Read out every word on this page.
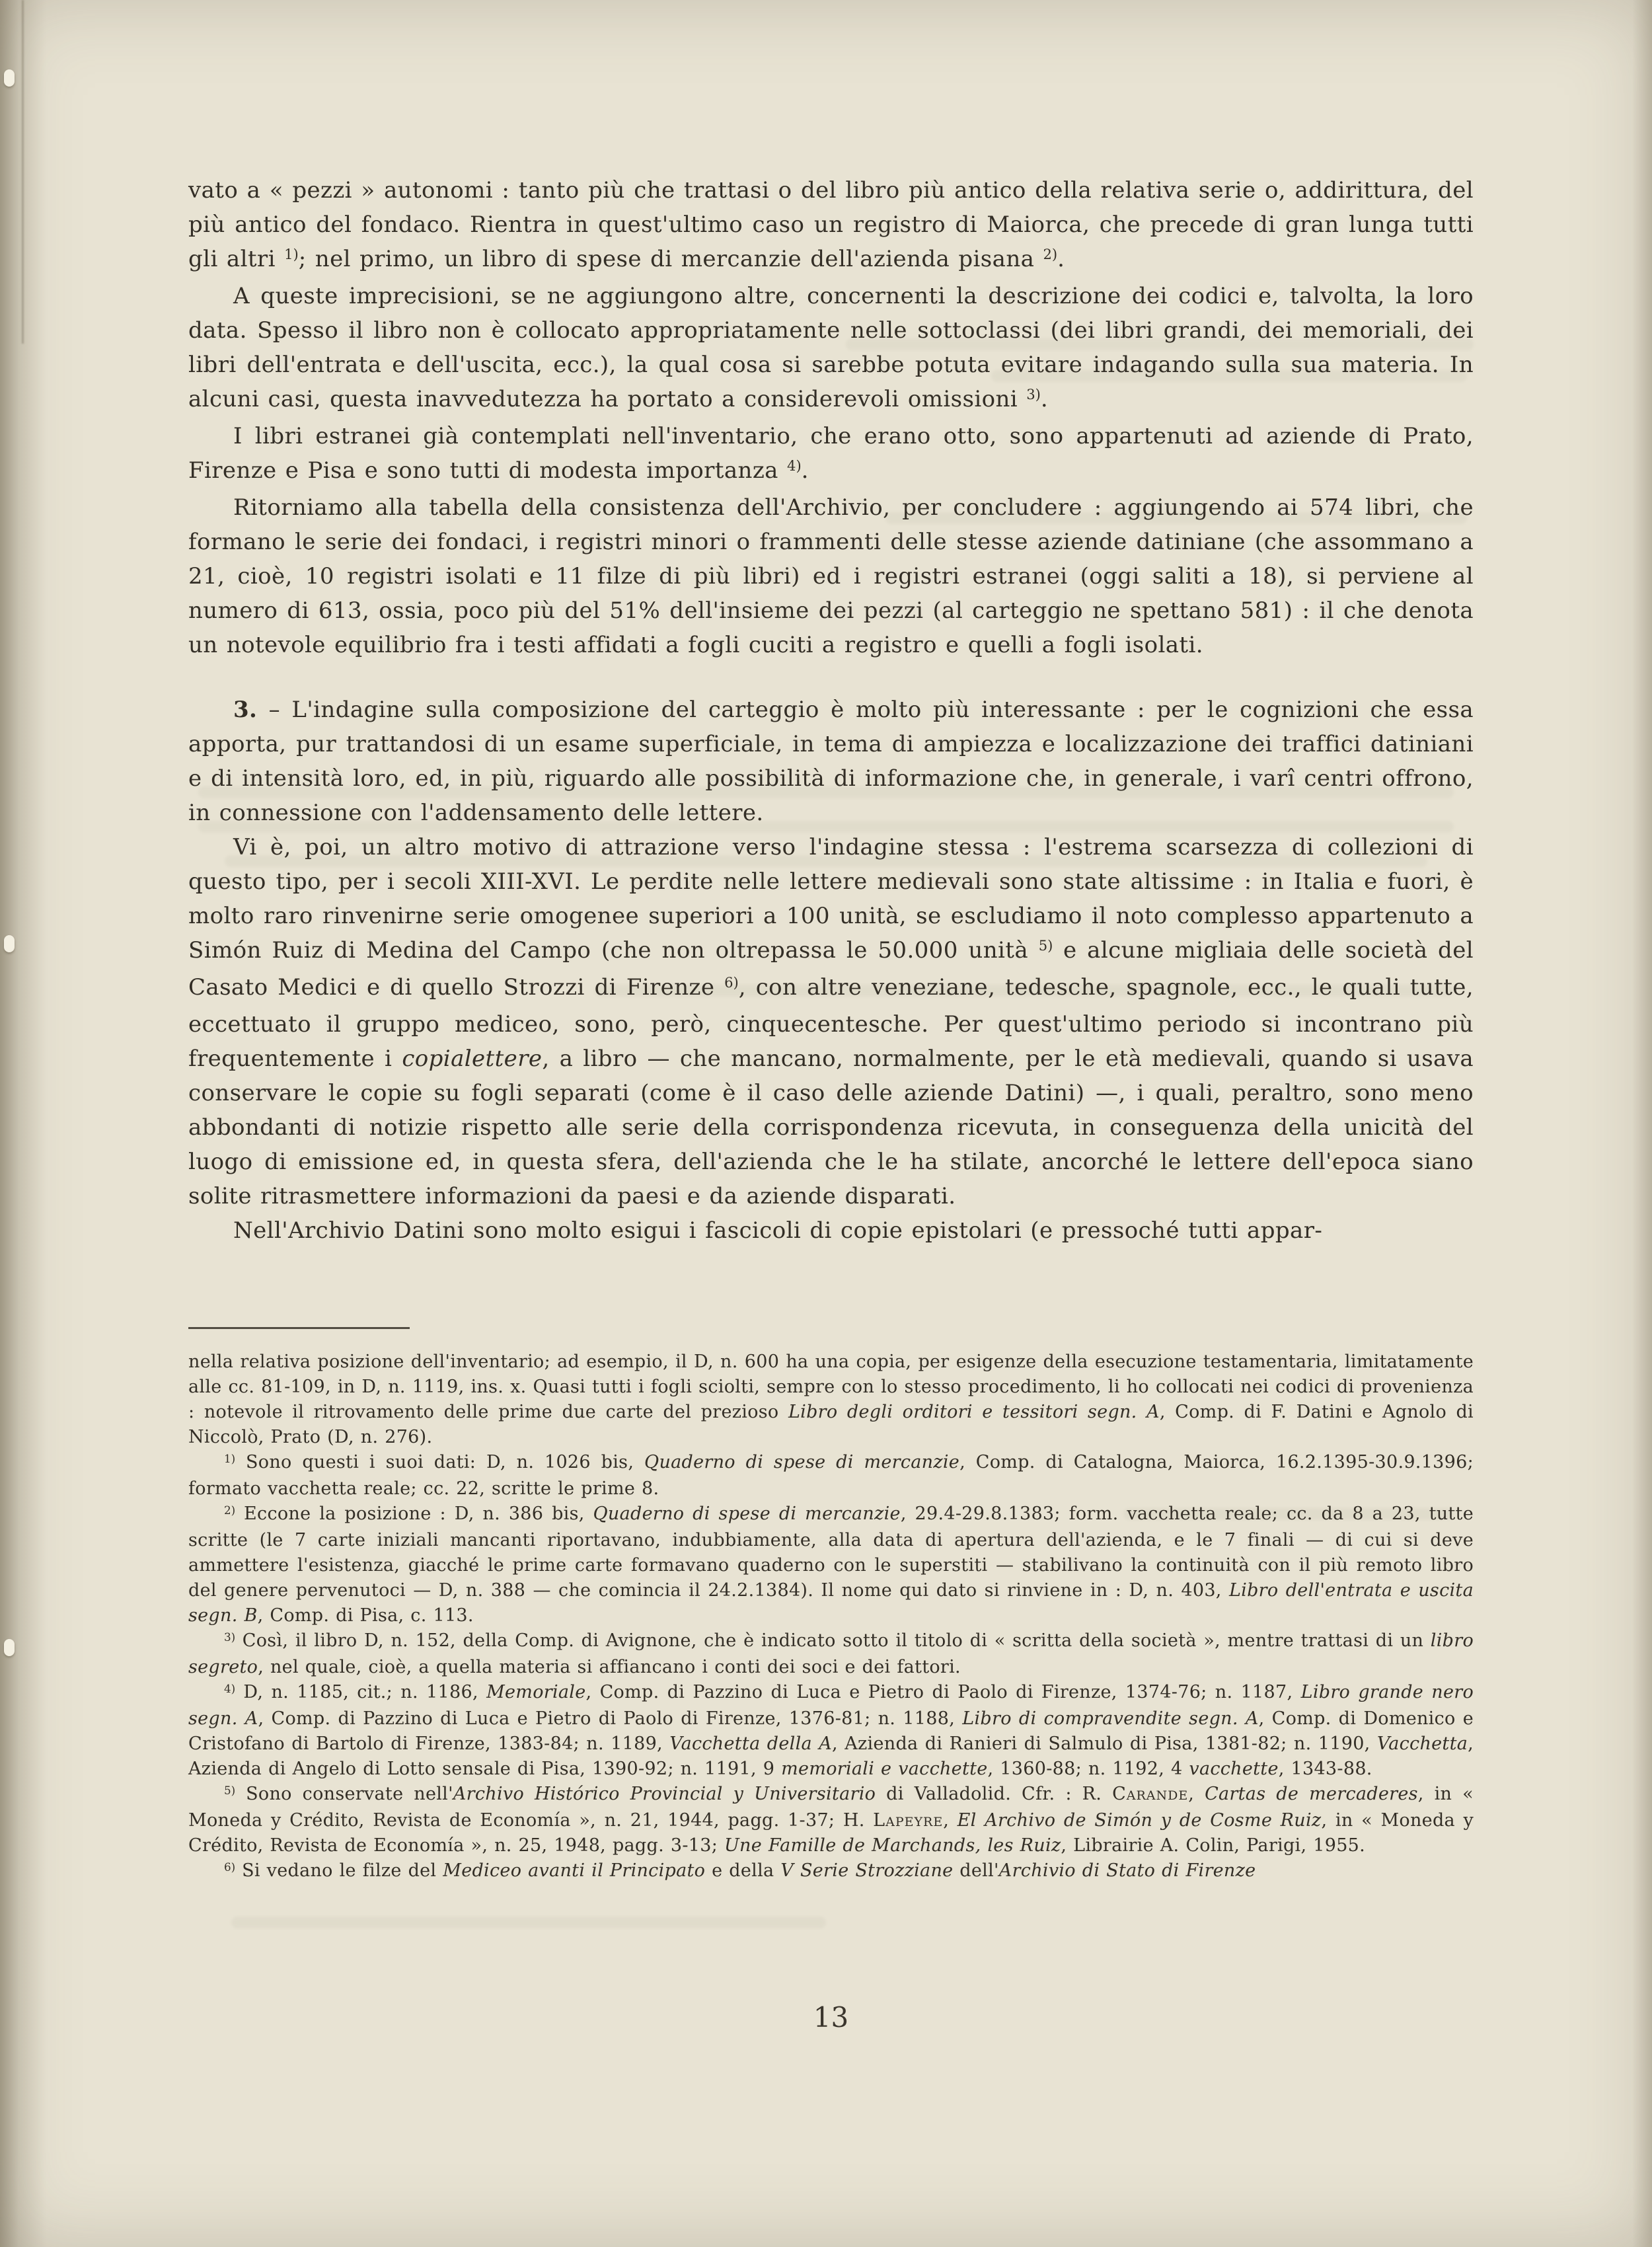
vato a « pezzi » autonomi : tanto più che trattasi o del libro più antico della relativa serie o, addirittura, del più antico del fondaco. Rientra in quest'ultimo caso un registro di Maiorca, che precede di gran lunga tutti gli altri $^{1)}$; nel primo, un libro di spese di mercanzie dell'azienda pisana $^{2)}$.

A queste imprecisioni, se ne aggiungono altre, concernenti la descrizione dei codici e, talvolta, la loro data. Spesso il libro non è collocato appropriatamente nelle sottoclassi (dei libri grandi, dei memoriali, dei libri dell'entrata e dell'uscita, ecc.), la qual cosa si sarebbe potuta evitare indagando sulla sua materia. In alcuni casi, questa inavvedutezza ha portato a considerevoli omissioni $^{3)}$.

I libri estranei già contemplati nell'inventario, che erano otto, sono appartenuti ad aziende di Prato, Firenze e Pisa e sono tutti di modesta importanza $^{4)}$.

Ritorniamo alla tabella della consistenza dell'Archivio, per concludere : aggiungendo ai 574 libri, che formano le serie dei fondaci, i registri minori o frammenti delle stesse aziende datiniane (che assommano a 21, cioè, 10 registri isolati e 11 filze di più libri) ed i registri estranei (oggi saliti a 18), si perviene al numero di 613, ossia, poco più del 51% dell'insieme dei pezzi (al carteggio ne spettano 581) : il che denota un notevole equilibrio fra i testi affidati a fogli cuciti a registro e quelli a fogli isolati.

3. – L'indagine sulla composizione del carteggio è molto più interessante : per le cognizioni che essa apporta, pur trattandosi di un esame superficiale, in tema di ampiezza e localizzazione dei traffici datiniani e di intensità loro, ed, in più, riguardo alle possibilità di informazione che, in generale, i varî centri offrono, in connessione con l'addensamento delle lettere.

Vi è, poi, un altro motivo di attrazione verso l'indagine stessa : l'estrema scarsezza di collezioni di questo tipo, per i secoli XIII-XVI. Le perdite nelle lettere medievali sono state altissime : in Italia e fuori, è molto raro rinvenirne serie omogenee superiori a 100 unità, se escludiamo il noto complesso appartenuto a Simón Ruiz di Medina del Campo (che non oltrepassa le 50.000 unità $^{5)}$ e alcune migliaia delle società del Casato Medici e di quello Strozzi di Firenze $^{6)}$, con altre veneziane, tedesche, spagnole, ecc., le quali tutte, eccettuato il gruppo mediceo, sono, però, cinquecentesche. Per quest'ultimo periodo si incontrano più frequentemente i copialettere, a libro — che mancano, normalmente, per le età medievali, quando si usava conservare le copie su fogli separati (come è il caso delle aziende Datini) —, i quali, peraltro, sono meno abbondanti di notizie rispetto alle serie della corrispondenza ricevuta, in conseguenza della unicità del luogo di emissione ed, in questa sfera, dell'azienda che le ha stilate, ancorché le lettere dell'epoca siano solite ritrasmettere informazioni da paesi e da aziende disparati.

Nell'Archivio Datini sono molto esigui i fascicoli di copie epistolari (e pressoché tutti appar-

nella relativa posizione dell'inventario; ad esempio, il D, n. 600 ha una copia, per esigenze della esecuzione testamentaria, limitatamente alle cc. 81-109, in D, n. 1119, ins. x. Quasi tutti i fogli sciolti, sempre con lo stesso procedimento, li ho collocati nei codici di provenienza : notevole il ritrovamento delle prime due carte del prezioso Libro degli orditori e tessitori segn. A, Comp. di F. Datini e Agnolo di Niccolò, Prato (D, n. 276).

$^{1)}$ Sono questi i suoi dati: D, n. 1026 bis, Quaderno di spese di mercanzie, Comp. di Catalogna, Maiorca, 16.2.1395-30.9.1396; formato vacchetta reale; cc. 22, scritte le prime 8.

$^{2)}$ Eccone la posizione : D, n. 386 bis, Quaderno di spese di mercanzie, 29.4-29.8.1383; form. vacchetta reale; cc. da 8 a 23, tutte scritte (le 7 carte iniziali mancanti riportavano, indubbiamente, alla data di apertura dell'azienda, e le 7 finali — di cui si deve ammettere l'esistenza, giacché le prime carte formavano quaderno con le superstiti — stabilivano la continuità con il più remoto libro del genere pervenutoci — D, n. 388 — che comincia il 24.2.1384). Il nome qui dato si rinviene in : D, n. 403, Libro dell'entrata e uscita segn. B, Comp. di Pisa, c. 113.

$^{3)}$ Così, il libro D, n. 152, della Comp. di Avignone, che è indicato sotto il titolo di « scritta della società », mentre trattasi di un libro segreto, nel quale, cioè, a quella materia si affiancano i conti dei soci e dei fattori.

$^{4)}$ D, n. 1185, cit.; n. 1186, Memoriale, Comp. di Pazzino di Luca e Pietro di Paolo di Firenze, 1374-76; n. 1187, Libro grande nero segn. A, Comp. di Pazzino di Luca e Pietro di Paolo di Firenze, 1376-81; n. 1188, Libro di compravendite segn. A, Comp. di Domenico e Cristofano di Bartolo di Firenze, 1383-84; n. 1189, Vacchetta della A, Azienda di Ranieri di Salmulo di Pisa, 1381-82; n. 1190, Vacchetta, Azienda di Angelo di Lotto sensale di Pisa, 1390-92; n. 1191, 9 memoriali e vacchette, 1360-88; n. 1192, 4 vacchette, 1343-88.

$^{5)}$ Sono conservate nell'Archivo Histórico Provincial y Universitario di Valladolid. Cfr. : R. Carande, Cartas de mercaderes, in « Moneda y Crédito, Revista de Economía », n. 21, 1944, pagg. 1-37; H. Lapeyre, El Archivo de Simón y de Cosme Ruiz, in « Moneda y Crédito, Revista de Economía », n. 25, 1948, pagg. 3-13; Une Famille de Marchands, les Ruiz, Librairie A. Colin, Parigi, 1955.

$^{6)}$ Si vedano le filze del Mediceo avanti il Principato e della V Serie Strozziane dell'Archivio di Stato di Firenze

13
